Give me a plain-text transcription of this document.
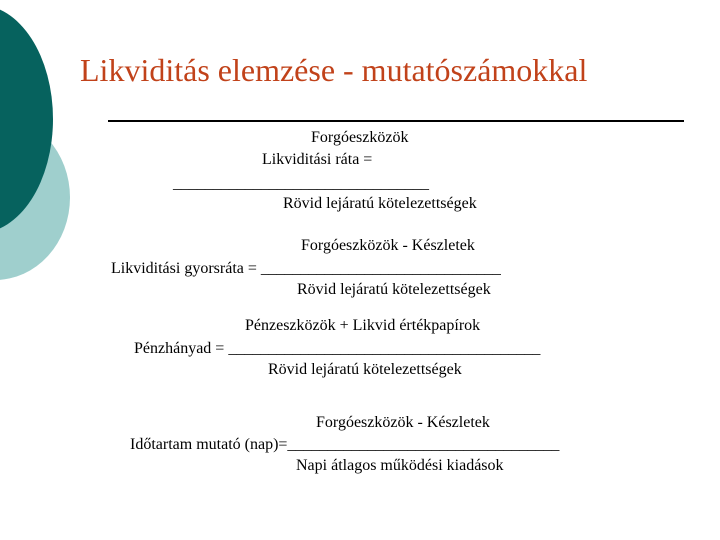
Likviditás elemzése - mutatószámokkal
Forgóeszközök
Likviditási ráta =
________________________________
Rövid lejáratú kötelezettségek
Forgóeszközök - Készletek
Likviditási gyorsráta = ______________________________
Rövid lejáratú kötelezettségek
Pénzeszközök + Likvid értékpapírok
Pénzhányad = _______________________________________
Rövid lejáratú kötelezettségek
Forgóeszközök - Készletek
Időtartam mutató (nap)=__________________________________
Napi átlagos működési kiadások
